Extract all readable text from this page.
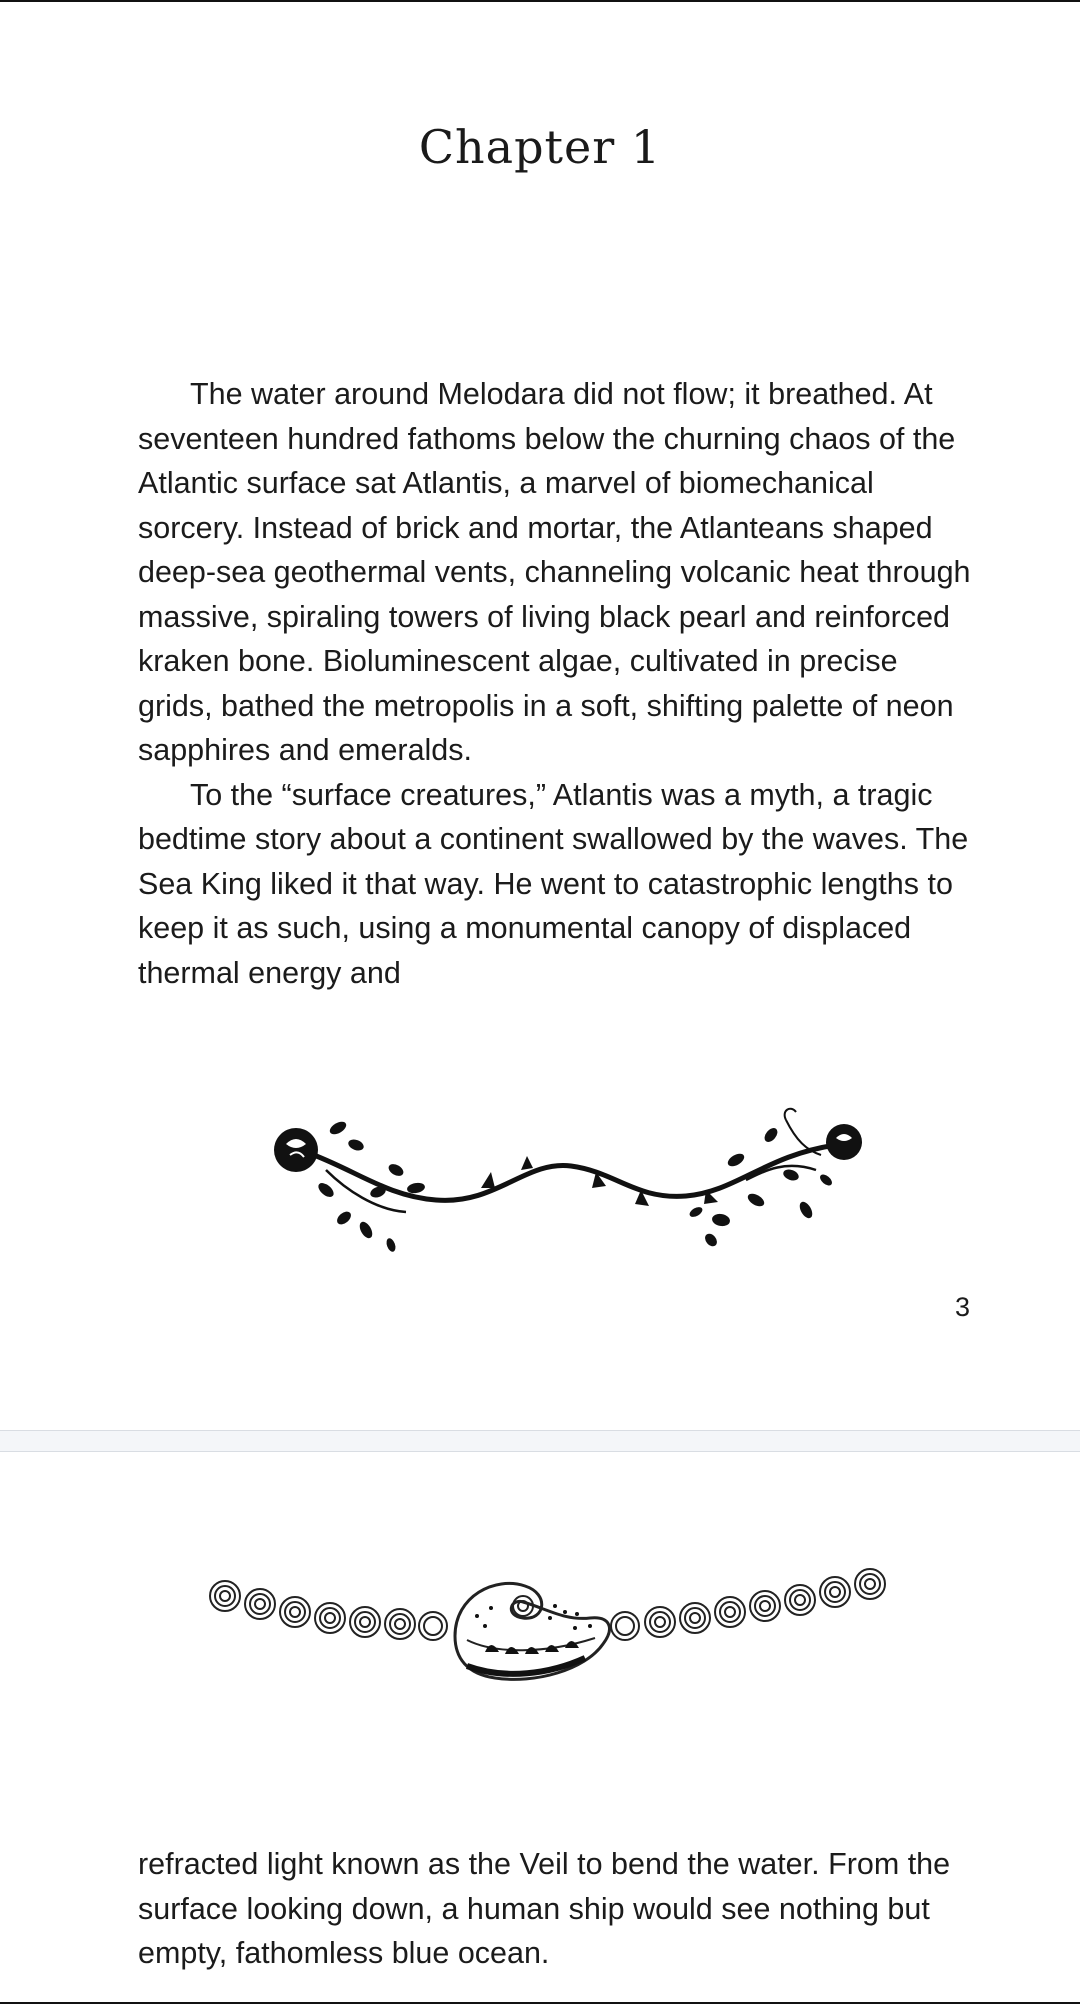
Chapter 1

The water around Melodara did not flow; it breathed. At seventeen hundred fathoms below the churning chaos of the Atlantic surface sat Atlantis, a marvel of biomechanical sorcery. Instead of brick and mortar, the Atlanteans shaped deep-sea geothermal vents, channeling volcanic heat through massive, spiraling towers of living black pearl and reinforced kraken bone. Bioluminescent algae, cultivated in precise grids, bathed the metropolis in a soft, shifting palette of neon sapphires and emeralds.

To the “surface creatures,” Atlantis was a myth, a tragic bedtime story about a continent swallowed by the waves. The Sea King liked it that way. He went to catastrophic lengths to keep it as such, using a monumental canopy of displaced thermal energy and

3

refracted light known as the Veil to bend the water. From the surface looking down, a human ship would see nothing but empty, fathomless blue ocean.
